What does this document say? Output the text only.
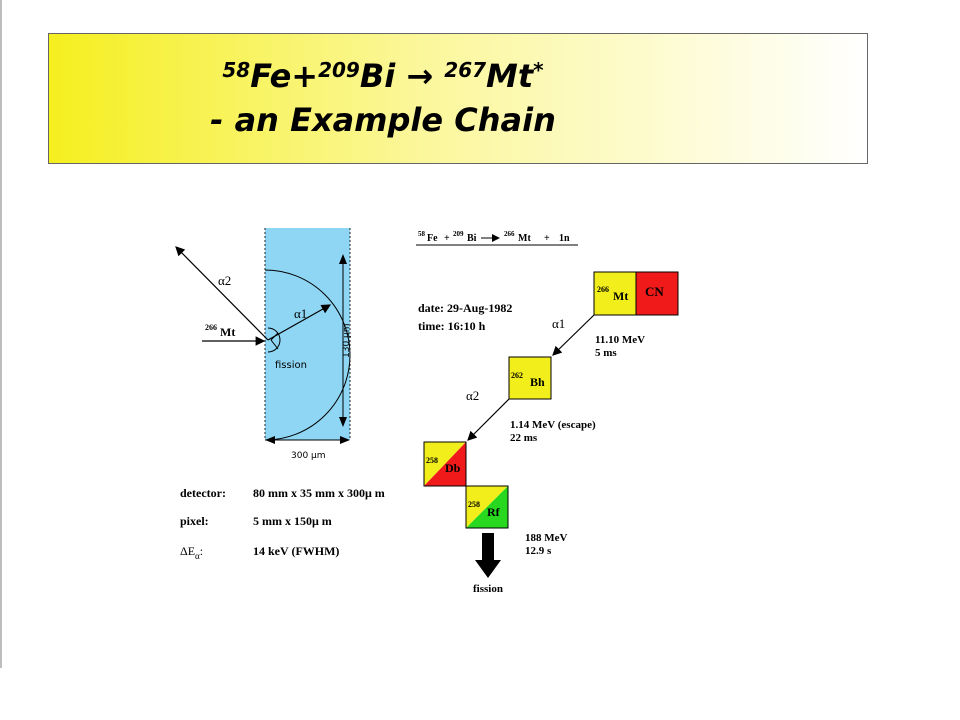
$^{58}$Fe+$^{209}$Bi → $^{267}$Mt*
- an Example Chain
α2
α1
266 Mt
fission
130 μm
300 μm
detector: 80 mm x 35 mm x 300μ m
pixel:	5 mm x 150μ m
$\Delta E_\alpha$:	14 keV (FWHM)
58 Fe + 209 Bi	266 Mt + 1n
date: 29-Aug-1982
time: 16:10 h
266 Mt CN
262 Bh
258
Db
258
Rf
α1
α2
fission
11.10 MeV
5 ms
1.14 MeV (escape)
22 ms
188 MeV
12.9 s
